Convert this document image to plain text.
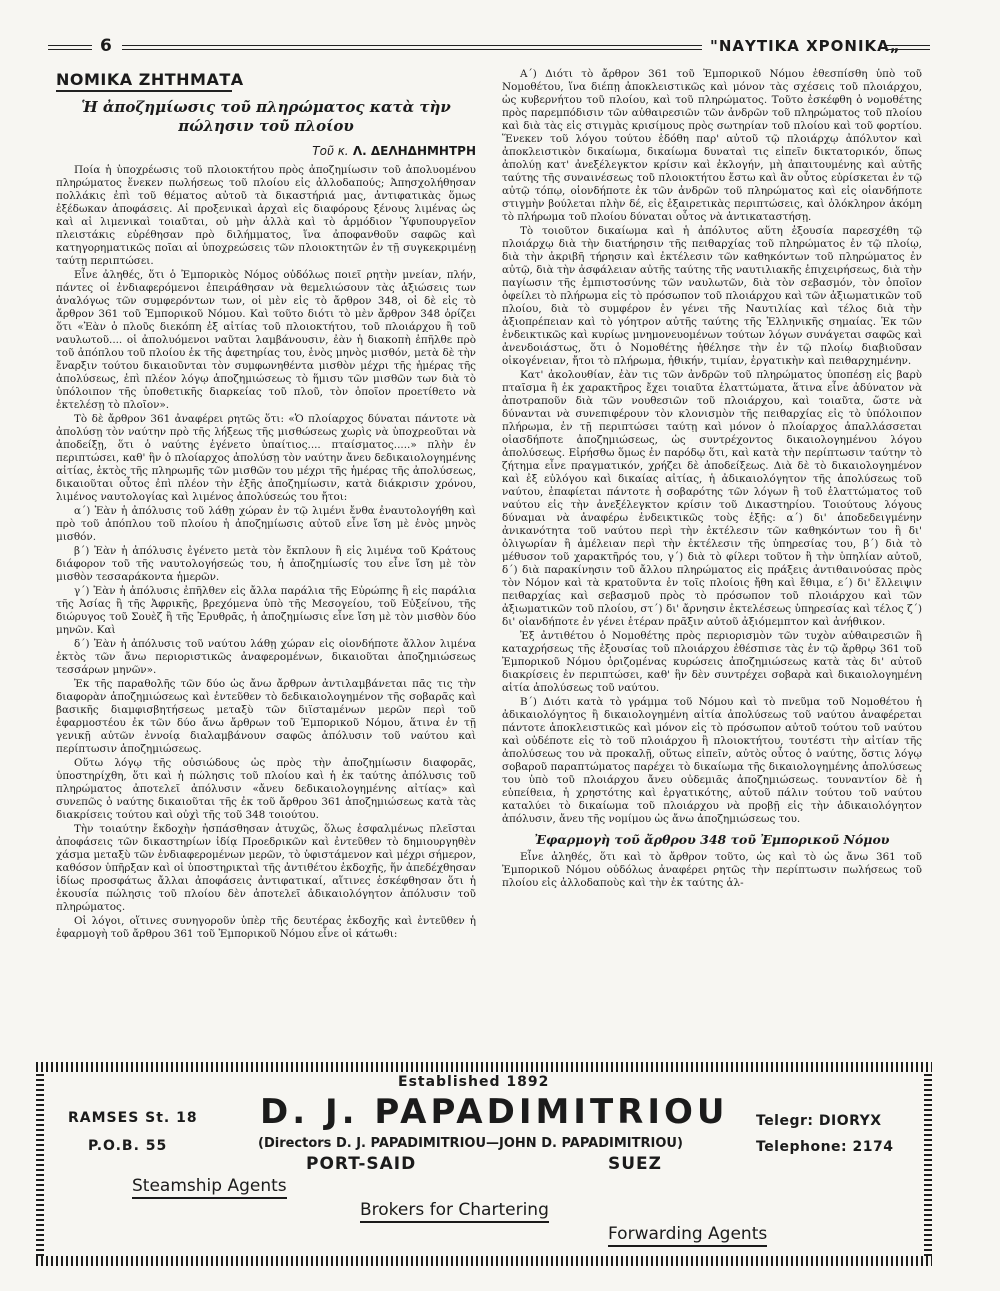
6	"ΝΑΥΤΙΚΑ ΧΡΟΝΙΚΑ„
ΝΟΜΙΚΑ ΖΗΤΗΜΑΤΑ
Ἡ ἀποζημίωσις τοῦ πληρώματος κατὰ τὴν πώλησιν τοῦ πλοίου
Τοῦ κ. Λ. ΔΕΛΗΔΗΜΗΤΡΗ

Ποία ἡ ὑποχρέωσις τοῦ πλοιοκτήτου πρὸς ἀποζημίωσιν τοῦ ἀπολυομένου πληρώματος ἕνεκεν πωλήσεως τοῦ πλοίου εἰς ἀλλοδαπούς; Ἀπησχολήθησαν πολλάκις ἐπὶ τοῦ θέματος αὐτοῦ τὰ δικαστήριά μας, ἀντιφατικὰς ὅμως ἐξέδωκαν ἀποφάσεις. Αἱ προξενικαὶ ἀρχαὶ εἰς διαφόρους ξένους λιμένας ὡς καὶ αἱ λιμενικαὶ τοιαῦται, οὐ μὴν ἀλλὰ καὶ τὸ ἁρμόδιον Ὑφυπουργεῖον πλειστάκις εὑρέθησαν πρὸ διλήμματος, ἵνα ἀποφανθοῦν σαφῶς καὶ κατηγορηματικῶς ποῖαι αἱ ὑποχρεώσεις τῶν πλοιοκτητῶν ἐν τῇ συγκεκριμένῃ ταύτῃ περιπτώσει.

Εἶνε ἀληθές, ὅτι ὁ Ἐμπορικὸς Νόμος οὐδόλως ποιεῖ ρητὴν μνείαν, πλήν, πάντες οἱ ἐνδιαφερόμενοι ἐπειράθησαν νὰ θεμελιώσουν τὰς ἀξιώσεις των ἀναλόγως τῶν συμφερόντων των, οἱ μὲν εἰς τὸ ἄρθρον 348, οἱ δὲ εἰς τὸ ἄρθρον 361 τοῦ Ἐμπορικοῦ Νόμου. Καὶ τοῦτο διότι τὸ μὲν ἄρθρον 348 ὁρίζει ὅτι «Ἐὰν ὁ πλοῦς διεκόπη ἐξ αἰτίας τοῦ πλοιοκτήτου, τοῦ πλοιάρχου ἢ τοῦ ναυλωτοῦ.... οἱ ἀπολυόμενοι ναῦται λαμβάνουσιν, ἐὰν ἡ διακοπὴ ἐπῆλθε πρὸ τοῦ ἀπόπλου τοῦ πλοίου ἐκ τῆς ἀφετηρίας του, ἑνὸς μηνὸς μισθόν, μετὰ δὲ τὴν ἔναρξιν τούτου δικαιοῦνται τὸν συμφωνηθέντα μισθὸν μέχρι τῆς ἡμέρας τῆς ἀπολύσεως, ἐπὶ πλέον λόγῳ ἀποζημιώσεως τὸ ἥμισυ τῶν μισθῶν των διὰ τὸ ὑπόλοιπον τῆς ὑποθετικῆς διαρκείας τοῦ πλοῦ, τὸν ὁποῖον προετίθετο νὰ ἐκτελέσῃ τὸ πλοῖον».

Τὸ δὲ ἄρθρον 361 ἀναφέρει ρητῶς ὅτι: «Ὁ πλοίαρχος δύναται πάντοτε νὰ ἀπολύσῃ τὸν ναύτην πρὸ τῆς λήξεως τῆς μισθώσεως χωρὶς νὰ ὑποχρεοῦται νὰ ἀποδείξῃ, ὅτι ὁ ναύτης ἐγένετο ὑπαίτιος.... πταίσματος.....» πλὴν ἐν περιπτώσει, καθ' ἣν ὁ πλοίαρχος ἀπολύσῃ τὸν ναύτην ἄνευ δεδικαιολογημένης αἰτίας, ἐκτὸς τῆς πληρωμῆς τῶν μισθῶν του μέχρι τῆς ἡμέρας τῆς ἀπολύσεως, δικαιοῦται οὗτος ἐπὶ πλέον τὴν ἑξῆς ἀποζημίωσιν, κατὰ διάκρισιν χρόνου, λιμένος ναυτολογίας καὶ λιμένος ἀπολύσεώς του ἤτοι:

α΄) Ἐὰν ἡ ἀπόλυσις τοῦ λάθῃ χώραν ἐν τῷ λιμένι ἔνθα ἐναυτολογήθη καὶ πρὸ τοῦ ἀπόπλου τοῦ πλοίου ἡ ἀποζημίωσις αὐτοῦ εἶνε ἴση μὲ ἑνὸς μηνὸς μισθόν.

β΄) Ἐὰν ἡ ἀπόλυσις ἐγένετο μετὰ τὸν ἔκπλουν ἢ εἰς λιμένα τοῦ Κράτους διάφορον τοῦ τῆς ναυτολογήσεώς του, ἡ ἀποζημίωσίς του εἶνε ἴση μὲ τὸν μισθὸν τεσσαράκοντα ἡμερῶν.

γ΄) Ἐὰν ἡ ἀπόλυσις ἐπῆλθεν εἰς ἄλλα παράλια τῆς Εὐρώπης ἢ εἰς παράλια τῆς Ἀσίας ἢ τῆς Ἀφρικῆς, βρεχόμενα ὑπὸ τῆς Μεσογείου, τοῦ Εὐξείνου, τῆς διώρυγος τοῦ Σουὲζ ἢ τῆς Ἐρυθρᾶς, ἡ ἀποζημίωσις εἶνε ἴση μὲ τὸν μισθὸν δύο μηνῶν. Καὶ

δ΄) Ἐὰν ἡ ἀπόλυσις τοῦ ναύτου λάθῃ χώραν εἰς οἱονδήποτε ἄλλον λιμένα ἐκτὸς τῶν ἄνω περιοριστικῶς ἀναφερομένων, δικαιοῦται ἀποζημιώσεως τεσσάρων μηνῶν».

Ἐκ τῆς παραθολῆς τῶν δύο ὡς ἄνω ἄρθρων ἀντιλαμβάνεται πᾶς τις τὴν διαφορὰν ἀποζημιώσεως καὶ ἐντεῦθεν τὸ δεδικαιολογημένον τῆς σοβαρᾶς καὶ βασικῆς διαμφισβητήσεως μεταξὺ τῶν διϊσταμένων μερῶν περὶ τοῦ ἐφαρμοστέου ἐκ τῶν δύο ἄνω ἄρθρων τοῦ Ἐμπορικοῦ Νόμου, ἅτινα ἐν τῇ γενικῇ αὐτῶν ἐννοίᾳ διαλαμβάνουν σαφῶς ἀπόλυσιν τοῦ ναύτου καὶ περίπτωσιν ἀποζημιώσεως.

Οὕτω λόγῳ τῆς οὐσιώδους ὡς πρὸς τὴν ἀποζημίωσιν διαφορᾶς, ὑποστηρίχθη, ὅτι καὶ ἡ πώλησις τοῦ πλοίου καὶ ἡ ἐκ ταύτης ἀπόλυσις τοῦ πληρώματος ἀποτελεῖ ἀπόλυσιν «ἄνευ δεδικαιολογημένης αἰτίας» καὶ συνεπῶς ὁ ναύτης δικαιοῦται τῆς ἐκ τοῦ ἄρθρου 361 ἀποζημιώσεως κατὰ τὰς διακρίσεις τούτου καὶ οὐχὶ τῆς τοῦ 348 τοιούτου.

Τὴν τοιαύτην ἔκδοχὴν ἠσπάσθησαν ἀτυχῶς, ὅλως ἐσφαλμένως πλεῖσται ἀποφάσεις τῶν δικαστηρίων ἰδίᾳ Προεδρικῶν καὶ ἐντεῦθεν τὸ δημιουργηθὲν χάσμα μεταξὺ τῶν ἐνδιαφερομένων μερῶν, τὸ ὑφιστάμενον καὶ μέχρι σήμερον, καθόσον ὑπῆρξαν καὶ οἱ ὑποστηρικταὶ τῆς ἀντιθέτου ἐκδοχῆς, ἥν ἀπεδέχθησαν ἰδίως προσφάτως ἄλλαι ἀποφάσεις ἀντιφατικαί, αἵτινες ἐσκέφθησαν ὅτι ἡ ἑκουσία πώλησις τοῦ πλοίου δὲν ἀποτελεῖ ἀδικαιολόγητον ἀπόλυσιν τοῦ πληρώματος.

Οἱ λόγοι, οἵτινες συνηγοροῦν ὑπὲρ τῆς δευτέρας ἐκδοχῆς καὶ ἐντεῦθεν ἡ ἐφαρμογὴ τοῦ ἄρθρου 361 τοῦ Ἐμπορικοῦ Νόμου εἶνε οἱ κάτωθι:

Α΄) Διότι τὸ ἄρθρον 361 τοῦ Ἐμπορικοῦ Νόμου ἐθεσπίσθη ὑπὸ τοῦ Νομοθέτου, ἵνα διέπῃ ἀποκλειστικῶς καὶ μόνον τὰς σχέσεις τοῦ πλοιάρχου, ὡς κυβερνήτου τοῦ πλοίου, καὶ τοῦ πληρώματος. Τοῦτο ἐσκέφθη ὁ νομοθέτης πρὸς παρεμπόδισιν τῶν αὐθαιρεσιῶν τῶν ἀνδρῶν τοῦ πληρώματος τοῦ πλοίου καὶ διὰ τὰς εἰς στιγμὰς κρισίμους πρὸς σωτηρίαν τοῦ πλοίου καὶ τοῦ φορτίου. Ἕνεκεν τοῦ λόγου τούτου ἐδόθη παρ' αὐτοῦ τῷ πλοιάρχῳ ἀπόλυτον καὶ ἀποκλειστικὸν δικαίωμα, δικαίωμα δυναταὶ τις εἰπεῖν δικτατορικόν, ὅπως ἀπολύῃ κατ' ἀνεξέλεγκτον κρίσιν καὶ ἐκλογήν, μὴ ἀπαιτουμένης καὶ αὐτῆς ταύτης τῆς συναινέσεως τοῦ πλοιοκτήτου ἔστω καὶ ἂν οὗτος εὑρίσκεται ἐν τῷ αὐτῷ τόπῳ, οἱονδήποτε ἐκ τῶν ἀνδρῶν τοῦ πληρώματος καὶ εἰς οἱανδήποτε στιγμὴν βούλεται πλὴν δέ, εἰς ἐξαιρετικὰς περιπτώσεις, καὶ ὁλόκληρον ἀκόμη τὸ πλήρωμα τοῦ πλοίου δύναται οὗτος νὰ ἀντικαταστήσῃ.

Τὸ τοιοῦτον δικαίωμα καὶ ἡ ἀπόλυτος αὕτη ἐξουσία παρεσχέθη τῷ πλοιάρχῳ διὰ τὴν διατήρησιν τῆς πειθαρχίας τοῦ πληρώματος ἐν τῷ πλοίῳ, διὰ τὴν ἀκριβῆ τήρησιν καὶ ἐκτέλεσιν τῶν καθηκόντων τοῦ πληρώματος ἐν αὐτῷ, διὰ τὴν ἀσφάλειαν αὐτῆς ταύτης τῆς ναυτιλιακῆς ἐπιχειρήσεως, διὰ τὴν παγίωσιν τῆς ἐμπιστοσύνης τῶν ναυλωτῶν, διὰ τὸν σεβασμόν, τὸν ὁποῖον ὀφείλει τὸ πλήρωμα εἰς τὸ πρόσωπον τοῦ πλοιάρχου καὶ τῶν ἀξιωματικῶν τοῦ πλοίου, διὰ τὸ συμφέρον ἐν γένει τῆς Ναυτιλίας καὶ τέλος διὰ τὴν ἀξιοπρέπειαν καὶ τὸ γόητρον αὐτῆς ταύτης τῆς Ἑλληνικῆς σημαίας. Ἐκ τῶν ἐνδεικτικῶς καὶ κυρίως μνημονευομένων τούτων λόγων συνάγεται σαφῶς καὶ ἀνενδοιάστως, ὅτι ὁ Νομοθέτης ἠθέλησε τὴν ἐν τῷ πλοίῳ διαβιοῦσαν οἰκογένειαν, ἤτοι τὸ πλήρωμα, ἠθικήν, τιμίαν, ἐργατικὴν καὶ πειθαρχημένην.

Κατ' ἀκολουθίαν, ἐὰν τις τῶν ἀνδρῶν τοῦ πληρώματος ὑποπέσῃ εἰς βαρὺ πταῖσμα ἢ ἐκ χαρακτῆρος ἔχει τοιαῦτα ἐλαττώματα, ἅτινα εἶνε ἀδύνατον νὰ ἀποτραποῦν διὰ τῶν νουθεσιῶν τοῦ πλοιάρχου, καὶ τοιαῦτα, ὥστε νὰ δύνανται νὰ συνεπιφέρουν τὸν κλονισμὸν τῆς πειθαρχίας εἰς τὸ ὑπόλοιπον πλήρωμα, ἐν τῇ περιπτώσει ταύτῃ καὶ μόνον ὁ πλοίαρχος ἀπαλλάσσεται οἱασδήποτε ἀποζημιώσεως, ὡς συντρέχοντος δικαιολογημένου λόγου ἀπολύσεως. Εἰρήσθω ὅμως ἐν παρόδῳ ὅτι, καὶ κατὰ τὴν περίπτωσιν ταύτην τὸ ζήτημα εἶνε πραγματικόν, χρήζει δὲ ἀποδείξεως. Διὰ δὲ τὸ δικαιολογημένον καὶ ἐξ εὐλόγου καὶ δικαίας αἰτίας, ἡ ἀδικαιολόγητον τῆς ἀπολύσεως τοῦ ναύτου, ἐπαφίεται πάντοτε ἡ σοβαρότης τῶν λόγων ἢ τοῦ ἐλαττώματος τοῦ ναύτου εἰς τὴν ἀνεξέλεγκτον κρίσιν τοῦ Δικαστηρίου. Τοιούτους λόγους δύναμαι νὰ ἀναφέρω ἐνδεικτικῶς τοὺς ἑξῆς: α΄) δι' ἀποδεδειγμένην ἀνικανότητα τοῦ ναύτου περὶ τὴν ἐκτέλεσιν τῶν καθηκόντων του ἢ δι' ὀλιγωρίαν ἢ ἀμέλειαν περὶ τὴν ἐκτέλεσιν τῆς ὑπηρεσίας του, β΄) διὰ τὸ μέθυσον τοῦ χαρακτῆρός του, γ΄) διὰ τὸ φίλερι τοῦτον ἢ τὴν ὑπηλίαν αὐτοῦ, δ΄) διὰ παρακίνησιν τοῦ ἄλλου πληρώματος εἰς πράξεις ἀντιθαινούσας πρὸς τὸν Νόμον καὶ τὰ κρατοῦντα ἐν τοῖς πλοίοις ἤθη καὶ ἔθιμα, ε΄) δι' ἔλλειψιν πειθαρχίας καὶ σεβασμοῦ πρὸς τὸ πρόσωπον τοῦ πλοιάρχου καὶ τῶν ἀξιωματικῶν τοῦ πλοίου, στ΄) δι' ἄρνησιν ἐκτελέσεως ὑπηρεσίας καὶ τέλος ζ΄) δι' οἱανδήποτε ἐν γένει ἑτέραν πρᾶξιν αὐτοῦ ἀξιόμεμπτον καὶ ἀνήθικον.

Ἐξ ἀντιθέτου ὁ Νομοθέτης πρὸς περιορισμὸν τῶν τυχὸν αὐθαιρεσιῶν ἢ καταχρήσεως τῆς ἐξουσίας τοῦ πλοιάρχου ἐθέσπισε τὰς ἐν τῷ ἄρθρῳ 361 τοῦ Ἐμπορικοῦ Νόμου ὁριζομένας κυρώσεις ἀποζημιώσεως κατὰ τὰς δι' αὐτοῦ διακρίσεις ἐν περιπτώσει, καθ' ἣν δὲν συντρέχει σοβαρὰ καὶ δικαιολογημένη αἰτία ἀπολύσεως τοῦ ναύτου.

Β΄) Διότι κατὰ τὸ γράμμα τοῦ Νόμου καὶ τὸ πνεῦμα τοῦ Νομοθέτου ἡ ἀδικαιολόγητος ἢ δικαιολογημένη αἰτία ἀπολύσεως τοῦ ναύτου ἀναφέρεται πάντοτε ἀποκλειστικῶς καὶ μόνον εἰς τὸ πρόσωπον αὐτοῦ τούτου τοῦ ναύτου καὶ οὐδέποτε εἰς τὸ τοῦ πλοιάρχου ἢ πλοιοκτήτου, τουτέστι τὴν αἰτίαν τῆς ἀπολύσεως του νὰ προκαλῇ, οὕτως εἰπεῖν, αὐτὸς οὗτος ὁ ναύτης, ὅστις λόγῳ σοβαροῦ παραπτώματος παρέχει τὸ δικαίωμα τῆς δικαιολογημένης ἀπολύσεως του ὑπὸ τοῦ πλοιάρχου ἄνευ οὐδεμιᾶς ἀποζημιώσεως. τουναντίον δὲ ἡ εὐπείθεια, ἡ χρηστότης καὶ ἐργατικότης, αὐτοῦ πάλιν τούτου τοῦ ναύτου καταλύει τὸ δικαίωμα τοῦ πλοιάρχου νὰ προβῇ εἰς τὴν ἀδικαιολόγητον ἀπόλυσιν, ἄνευ τῆς νομίμου ὡς ἄνω ἀποζημιώσεως του.

Ἐφαρμογὴ τοῦ ἄρθρου 348 τοῦ Ἐμπορικοῦ Νόμου

Εἶνε ἀληθές, ὅτι καὶ τὸ ἄρθρον τοῦτο, ὡς καὶ τὸ ὡς ἄνω 361 τοῦ Ἐμπορικοῦ Νόμου οὐδόλως ἀναφέρει ρητῶς τὴν περίπτωσιν πωλήσεως τοῦ πλοίου εἰς ἀλλοδαποὺς καὶ τὴν ἐκ ταύτης ἀλ-

Established 1892
D. J. PAPADIMITRIOU
(Directors D. J. PAPADIMITRIOU—JOHN D. PAPADIMITRIOU)
RAMSES St. 18
P.O.B. 55
Telegr: DIORYX
Telephone: 2174
PORT-SAID	SUEZ
Steamship Agents
Brokers for Chartering
Forwarding Agents
